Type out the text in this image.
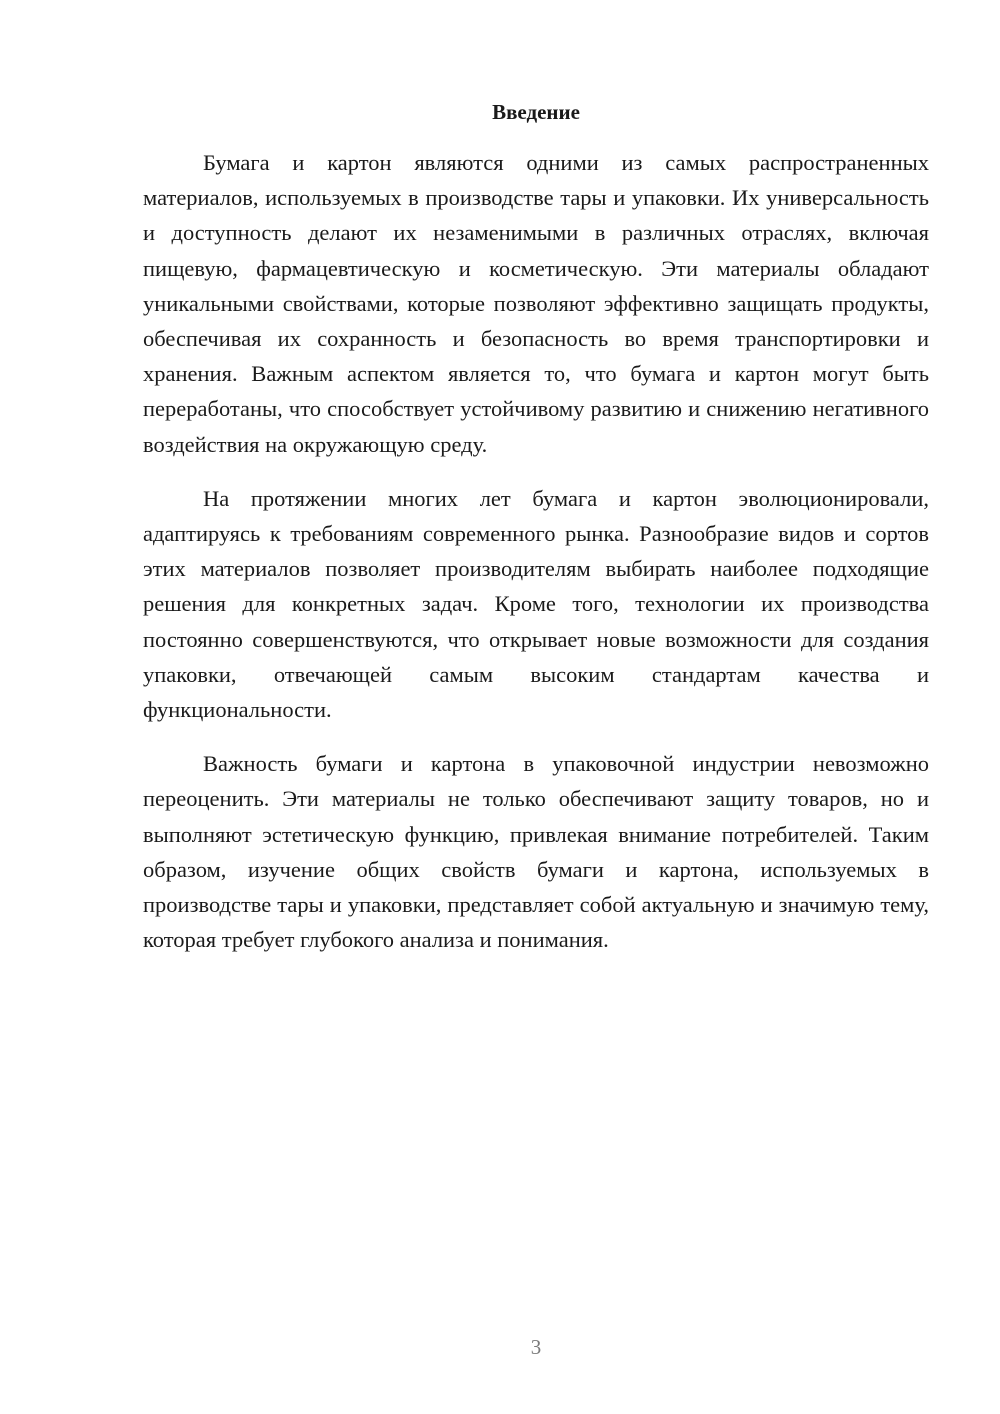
Введение

Бумага и картон являются одними из самых распространенных материалов, используемых в производстве тары и упаковки. Их универсальность и доступность делают их незаменимыми в различных отраслях, включая пищевую, фармацевтическую и косметическую. Эти материалы обладают уникальными свойствами, которые позволяют эффективно защищать продукты, обеспечивая их сохранность и безопасность во время транспортировки и хранения. Важным аспектом является то, что бумага и картон могут быть переработаны, что способствует устойчивому развитию и снижению негативного воздействия на окружающую среду.

На протяжении многих лет бумага и картон эволюционировали, адаптируясь к требованиям современного рынка. Разнообразие видов и сортов этих материалов позволяет производителям выбирать наиболее подходящие решения для конкретных задач. Кроме того, технологии их производства постоянно совершенствуются, что открывает новые возможности для создания упаковки, отвечающей самым высоким стандартам качества и функциональности.

Важность бумаги и картона в упаковочной индустрии невозможно переоценить. Эти материалы не только обеспечивают защиту товаров, но и выполняют эстетическую функцию, привлекая внимание потребителей. Таким образом, изучение общих свойств бумаги и картона, используемых в производстве тары и упаковки, представляет собой актуальную и значимую тему, которая требует глубокого анализа и понимания.

3
